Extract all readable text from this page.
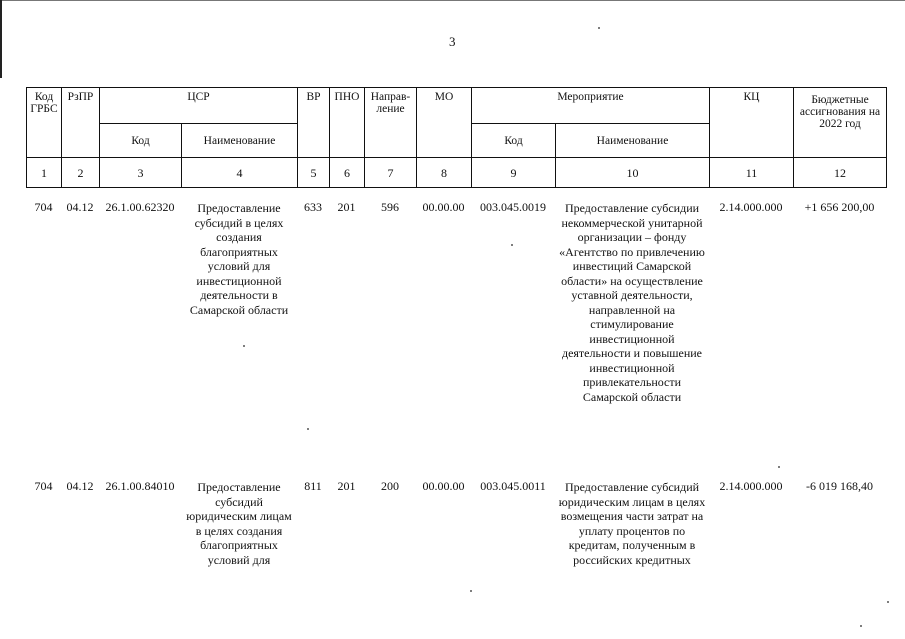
3
Код ГРБС	РзПР	ЦСР		ВР	ПНО	Направ-ление	МО	Мероприятие		КЦ	Бюджетные ассигнования на 2022 год
		Код	Наименование					Код	Наименование		
1	2	3	4	5	6	7	8	9	10	11	12
704	04.12	26.1.00.62320	Предоставление субсидий в целях создания благоприятных условий для инвестиционной деятельности в Самарской области	633	201	596	00.00.00	003.045.0019	Предоставление субсидии некоммерческой унитарной организации – фонду «Агентство по привлечению инвестиций Самарской области» на осуществление уставной деятельности, направленной на стимулирование инвестиционной деятельности и повышение инвестиционной привлекательности Самарской области	2.14.000.000	+1 656 200,00
704	04.12	26.1.00.84010	Предоставление субсидий юридическим лицам в целях создания благоприятных условий для	811	201	200	00.00.00	003.045.0011	Предоставление субсидий юридическим лицам в целях возмещения части затрат на уплату процентов по кредитам, полученным в российских кредитных	2.14.000.000	-6 019 168,40
